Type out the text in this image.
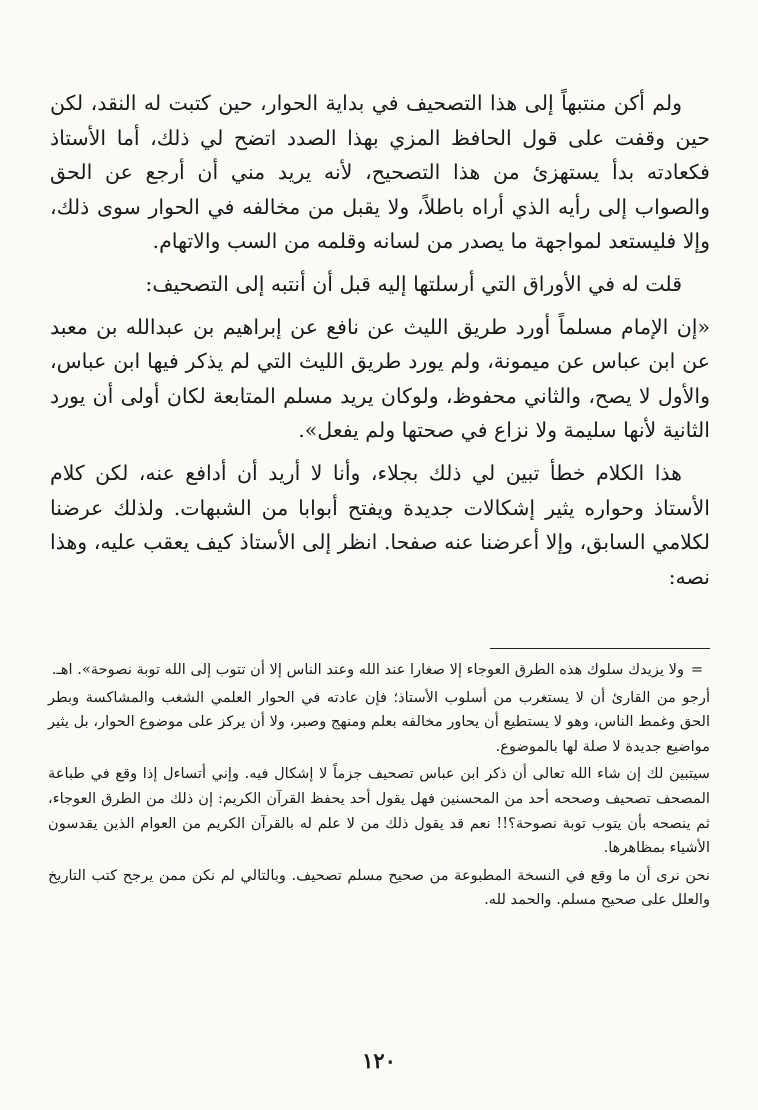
ولم أكن منتبهاً إلى هذا التصحيف في بداية الحوار، حين كتبت له النقد، لكن حين وقفت على قول الحافظ المزي بهذا الصدد اتضح لي ذلك، أما الأستاذ فكعادته بدأ يستهزئ من هذا التصحيح، لأنه يريد مني أن أرجع عن الحق والصواب إلى رأيه الذي أراه باطلاً، ولا يقبل من مخالفه في الحوار سوى ذلك، وإلا فليستعد لمواجهة ما يصدر من لسانه وقلمه من السب والاتهام.

قلت له في الأوراق التي أرسلتها إليه قبل أن أنتبه إلى التصحيف:

«إن الإمام مسلماً أورد طريق الليث عن نافع عن إبراهيم بن عبدالله بن معبد عن ابن عباس عن ميمونة، ولم يورد طريق الليث التي لم يذكر فيها ابن عباس، والأول لا يصح، والثاني محفوظ، ولوكان يريد مسلم المتابعة لكان أولى أن يورد الثانية لأنها سليمة ولا نزاع في صحتها ولم يفعل».

هذا الكلام خطأ تبين لي ذلك بجلاء، وأنا لا أريد أن أدافع عنه، لكن كلام الأستاذ وحواره يثير إشكالات جديدة ويفتح أبوابا من الشبهات. ولذلك عرضنا لكلامي السابق، وإلا أعرضنا عنه صفحا. انظر إلى الأستاذ كيف يعقب عليه، وهذا نصه:

=
ولا يزيدك سلوك هذه الطرق العوجاء إلا صغارا عند الله وعند الناس إلا أن تتوب إلى الله توبة نصوحة». اهـ.

أرجو من القارئ أن لا يستغرب من أسلوب الأستاذ؛ فإن عادته في الحوار العلمي الشغب والمشاكسة وبطر الحق وغمط الناس، وهو لا يستطيع أن يحاور مخالفه بعلم ومنهج وصبر، ولا أن يركز على موضوع الحوار، بل يثير مواضيع جديدة لا صلة لها بالموضوع.

سيتبين لك إن شاء الله تعالى أن ذكر ابن عباس تصحيف جزماً لا إشكال فيه. وإني أتساءل إذا وقع في طباعة المصحف تصحيف وصححه أحد من المحسنين فهل يقول أحد يحفظ القرآن الكريم: إن ذلك من الطرق العوجاء، ثم ينصحه بأن يتوب توبة نصوحة؟!! نعم قد يقول ذلك من لا علم له بالقرآن الكريم من العوام الذين يقدسون الأشياء بمظاهرها.

نحن نرى أن ما وقع في النسخة المطبوعة من صحيح مسلم تصحيف. وبالتالي لم نكن ممن يرجح كتب التاريخ والعلل على صحيح مسلم. والحمد لله.

١٢٠
